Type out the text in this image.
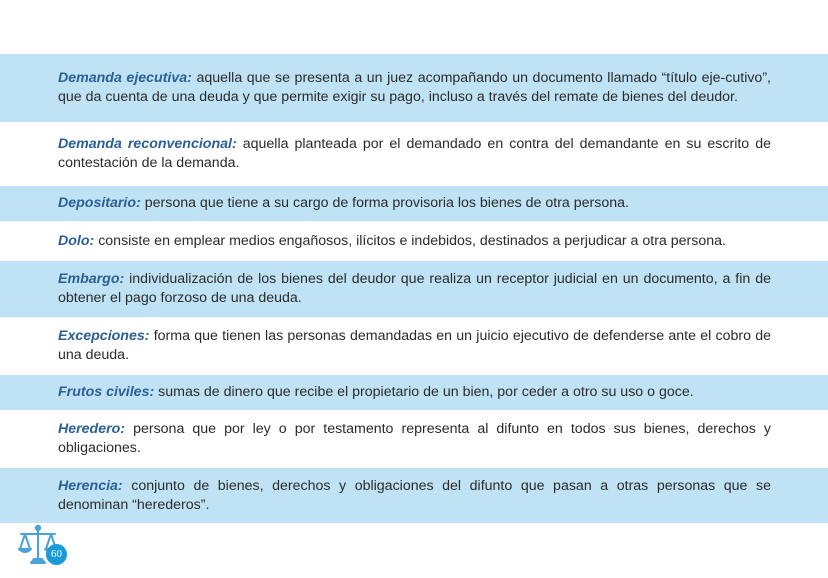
Demanda ejecutiva: aquella que se presenta a un juez acompañando un documento llamado “título eje-cutivo”, que da cuenta de una deuda y que permite exigir su pago, incluso a través del remate de bienes del deudor.

Demanda reconvencional: aquella planteada por el demandado en contra del demandante en su escrito de contestación de la demanda.

Depositario: persona que tiene a su cargo de forma provisoria los bienes de otra persona.

Dolo: consiste en emplear medios engañosos, ilícitos e indebidos, destinados a perjudicar a otra persona.

Embargo: individualización de los bienes del deudor que realiza un receptor judicial en un documento, a fin de obtener el pago forzoso de una deuda.

Excepciones: forma que tienen las personas demandadas en un juicio ejecutivo de defenderse ante el cobro de una deuda.

Frutos civiles: sumas de dinero que recibe el propietario de un bien, por ceder a otro su uso o goce.

Heredero: persona que por ley o por testamento representa al difunto en todos sus bienes, derechos y obligaciones.

Herencia: conjunto de bienes, derechos y obligaciones del difunto que pasan a otras personas que se denominan “herederos”.

60
